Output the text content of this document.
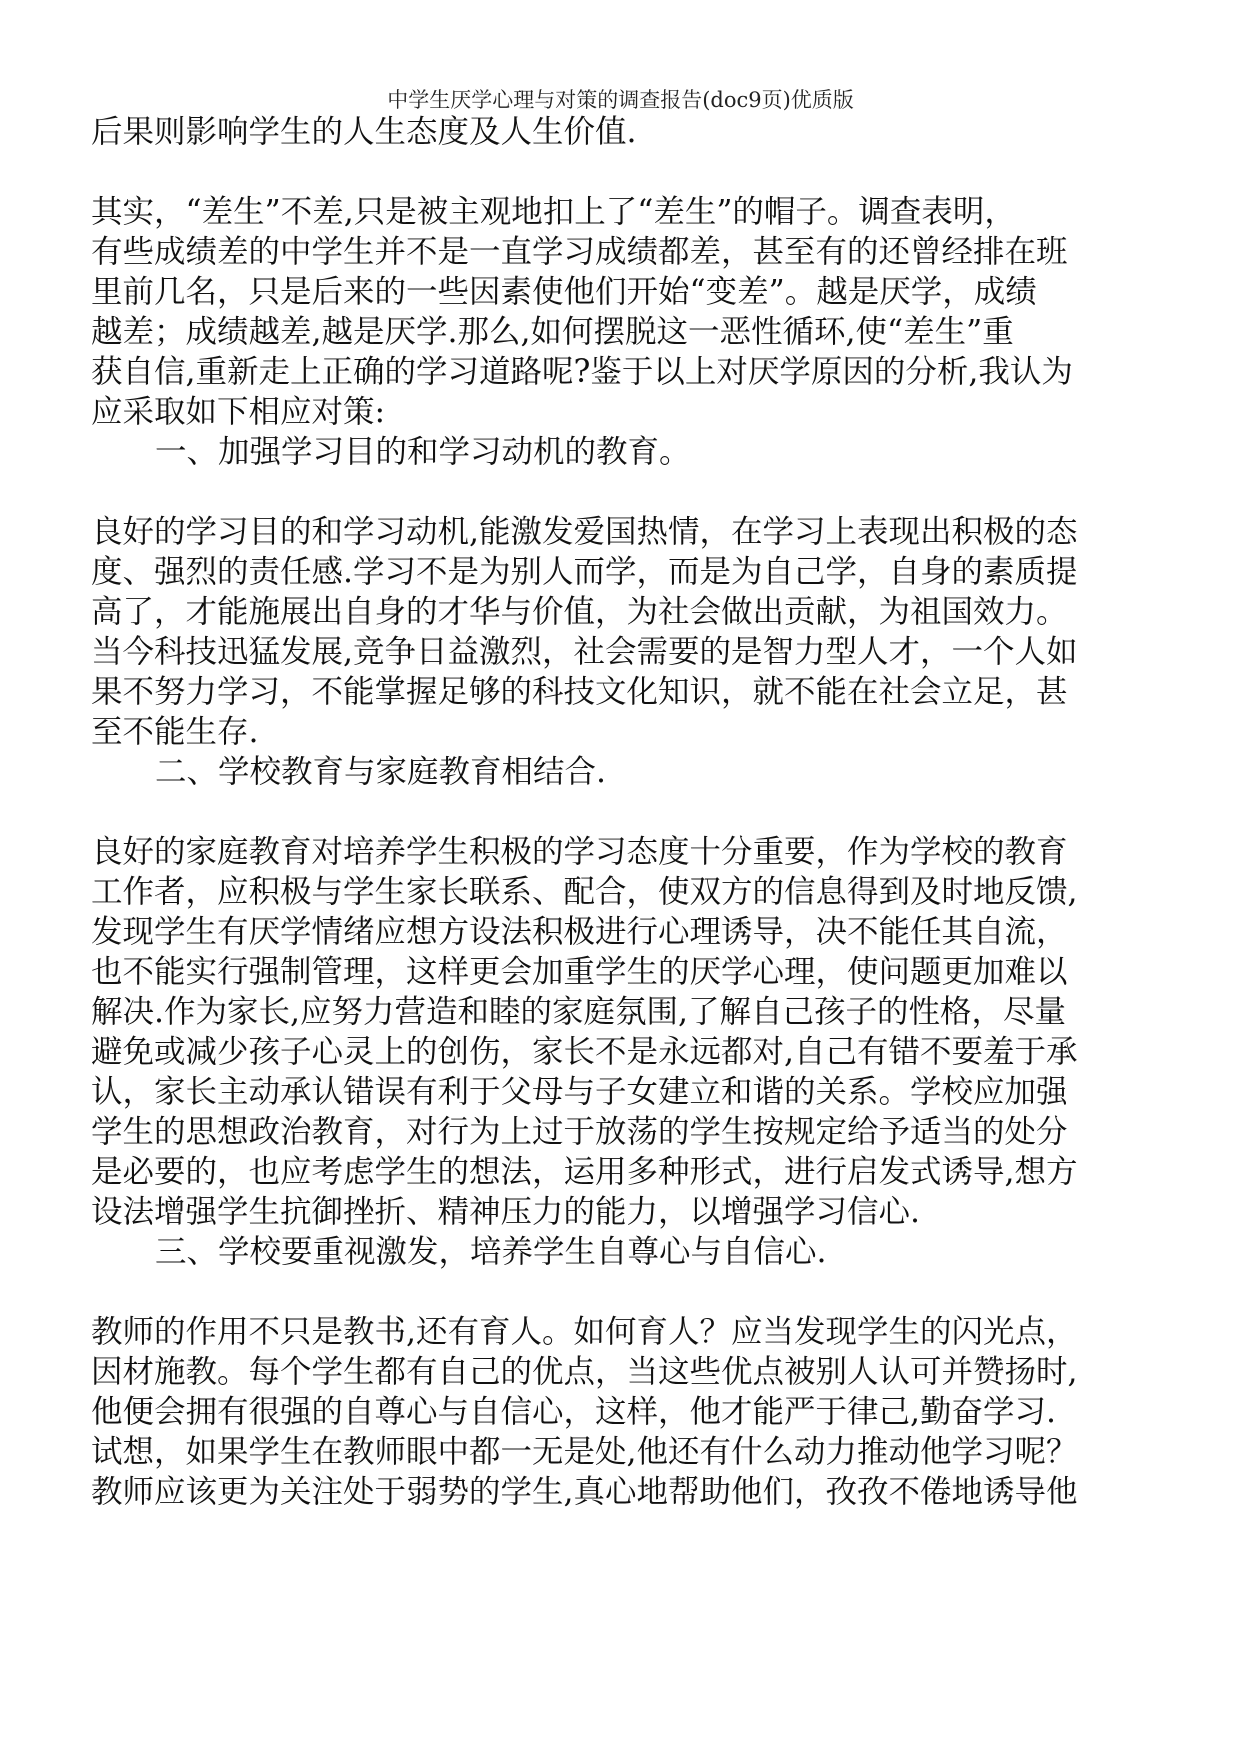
中学生厌学心理与对策的调查报告(doc9页)优质版
后果则影响学生的人生态度及人生价值.
其实，“差生”不差,只是被主观地扣上了“差生”的帽子。调查表明，
有些成绩差的中学生并不是一直学习成绩都差，甚至有的还曾经排在班
里前几名，只是后来的一些因素使他们开始“变差”。越是厌学，成绩
越差；成绩越差,越是厌学.那么,如何摆脱这一恶性循环,使“差生”重
获自信,重新走上正确的学习道路呢?鉴于以上对厌学原因的分析,我认为
应采取如下相应对策:
一、加强学习目的和学习动机的教育。
良好的学习目的和学习动机,能激发爱国热情，在学习上表现出积极的态
度、强烈的责任感.学习不是为别人而学，而是为自己学，自身的素质提
高了，才能施展出自身的才华与价值，为社会做出贡献，为祖国效力。
当今科技迅猛发展,竞争日益激烈，社会需要的是智力型人才，一个人如
果不努力学习，不能掌握足够的科技文化知识，就不能在社会立足，甚
至不能生存.
二、学校教育与家庭教育相结合.
良好的家庭教育对培养学生积极的学习态度十分重要，作为学校的教育
工作者，应积极与学生家长联系、配合，使双方的信息得到及时地反馈,
发现学生有厌学情绪应想方设法积极进行心理诱导，决不能任其自流，
也不能实行强制管理，这样更会加重学生的厌学心理，使问题更加难以
解决.作为家长,应努力营造和睦的家庭氛围,了解自己孩子的性格，尽量
避免或减少孩子心灵上的创伤，家长不是永远都对,自己有错不要羞于承
认，家长主动承认错误有利于父母与子女建立和谐的关系。学校应加强
学生的思想政治教育，对行为上过于放荡的学生按规定给予适当的处分
是必要的，也应考虑学生的想法，运用多种形式，进行启发式诱导,想方
设法增强学生抗御挫折、精神压力的能力，以增强学习信心.
三、学校要重视激发，培养学生自尊心与自信心.
教师的作用不只是教书,还有育人。如何育人？应当发现学生的闪光点，
因材施教。每个学生都有自己的优点，当这些优点被别人认可并赞扬时,
他便会拥有很强的自尊心与自信心，这样，他才能严于律己,勤奋学习.
试想，如果学生在教师眼中都一无是处,他还有什么动力推动他学习呢？
教师应该更为关注处于弱势的学生,真心地帮助他们，孜孜不倦地诱导他
